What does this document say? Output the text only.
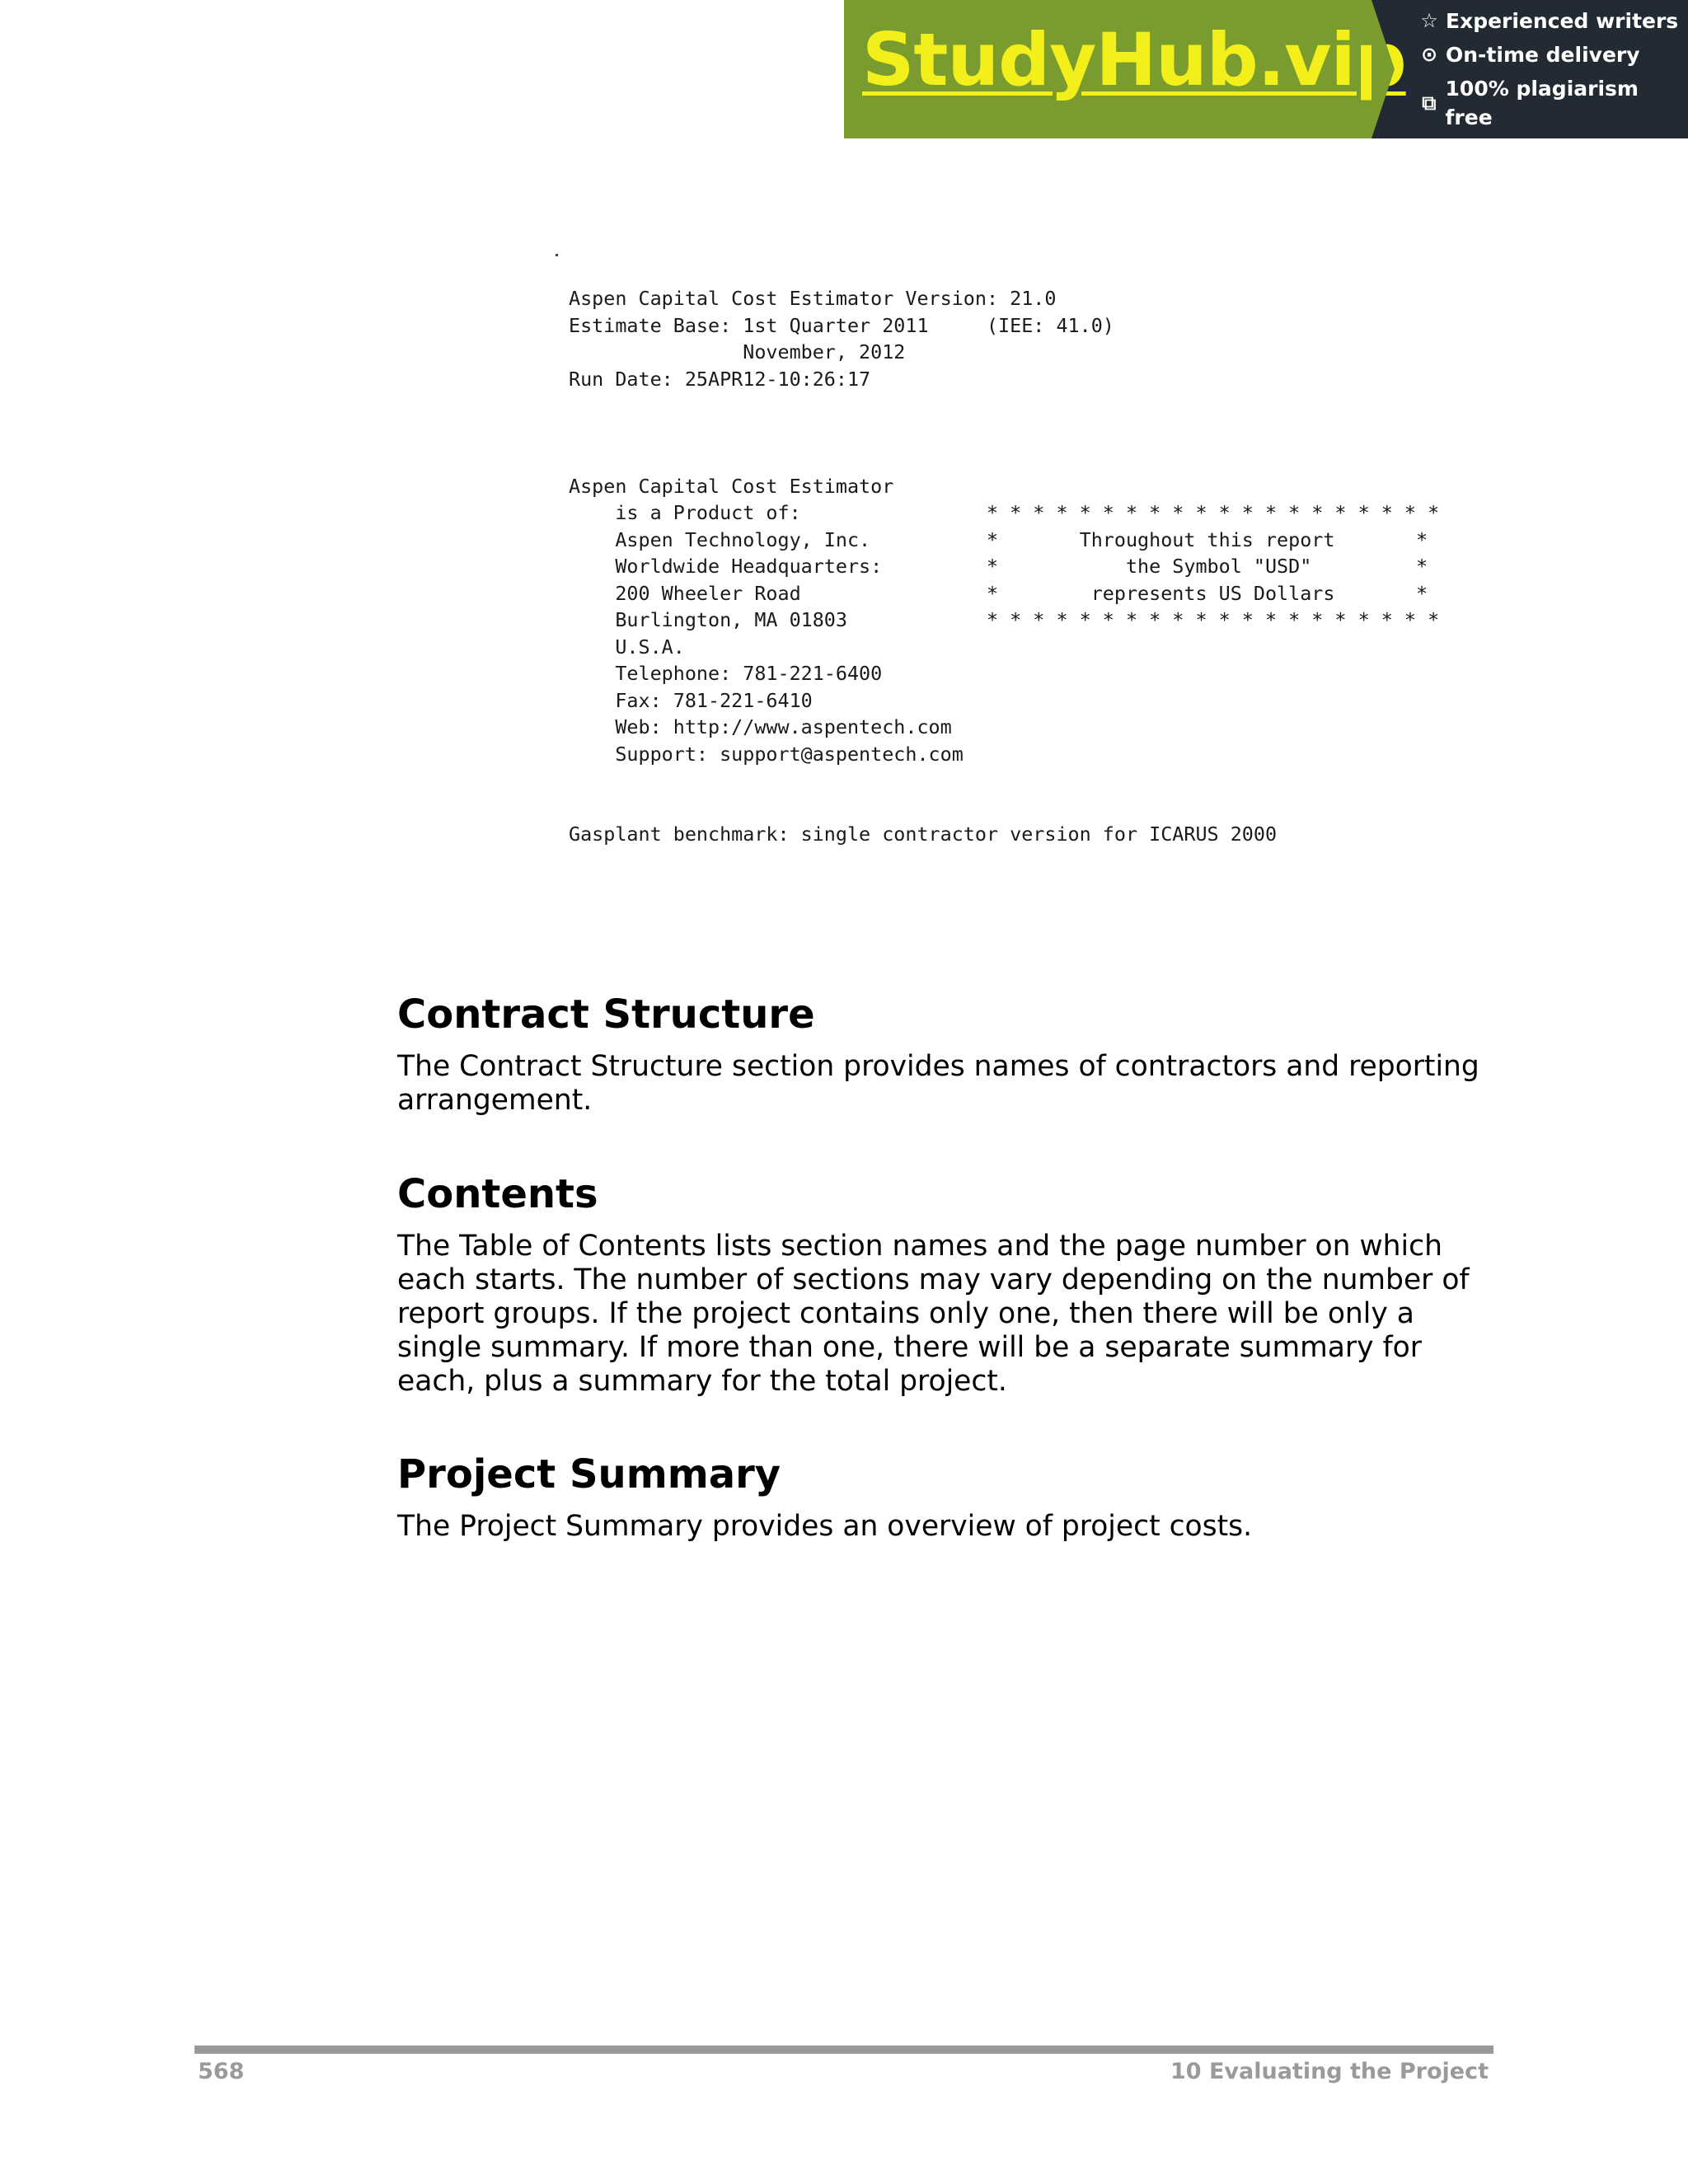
StudyHub.vip ☆ Experienced writers
⊙ On-time delivery
⧉
100% plagiarism free
Aspen Capital Cost Estimator Version: 21.0
Estimate Base: 1st Quarter 2011     (IEE: 41.0)
November, 2012
Run Date: 25APR12-10:26:17
Aspen Capital Cost Estimator
is a Product of:                * * * * * * * * * * * * * * * * * * * *
Aspen Technology, Inc.          *       Throughout this report       *
Worldwide Headquarters:         *           the Symbol "USD"         *
200 Wheeler Road                *        represents US Dollars       *
Burlington, MA 01803            * * * * * * * * * * * * * * * * * * * *
U.S.A.
Telephone: 781-221-6400
Fax: 781-221-6410
Web: http://www.aspentech.com
Support: support@aspentech.com
Gasplant benchmark: single contractor version for ICARUS 2000
Contract Structure

The Contract Structure section provides names of contractors and reporting arrangement.

Contents

The Table of Contents lists section names and the page number on which each starts. The number of sections may vary depending on the number of report groups. If the project contains only one, then there will be only a single summary. If more than one, there will be a separate summary for each, plus a summary for the total project.

Project Summary

The Project Summary provides an overview of project costs.

568	10 Evaluating the Project
